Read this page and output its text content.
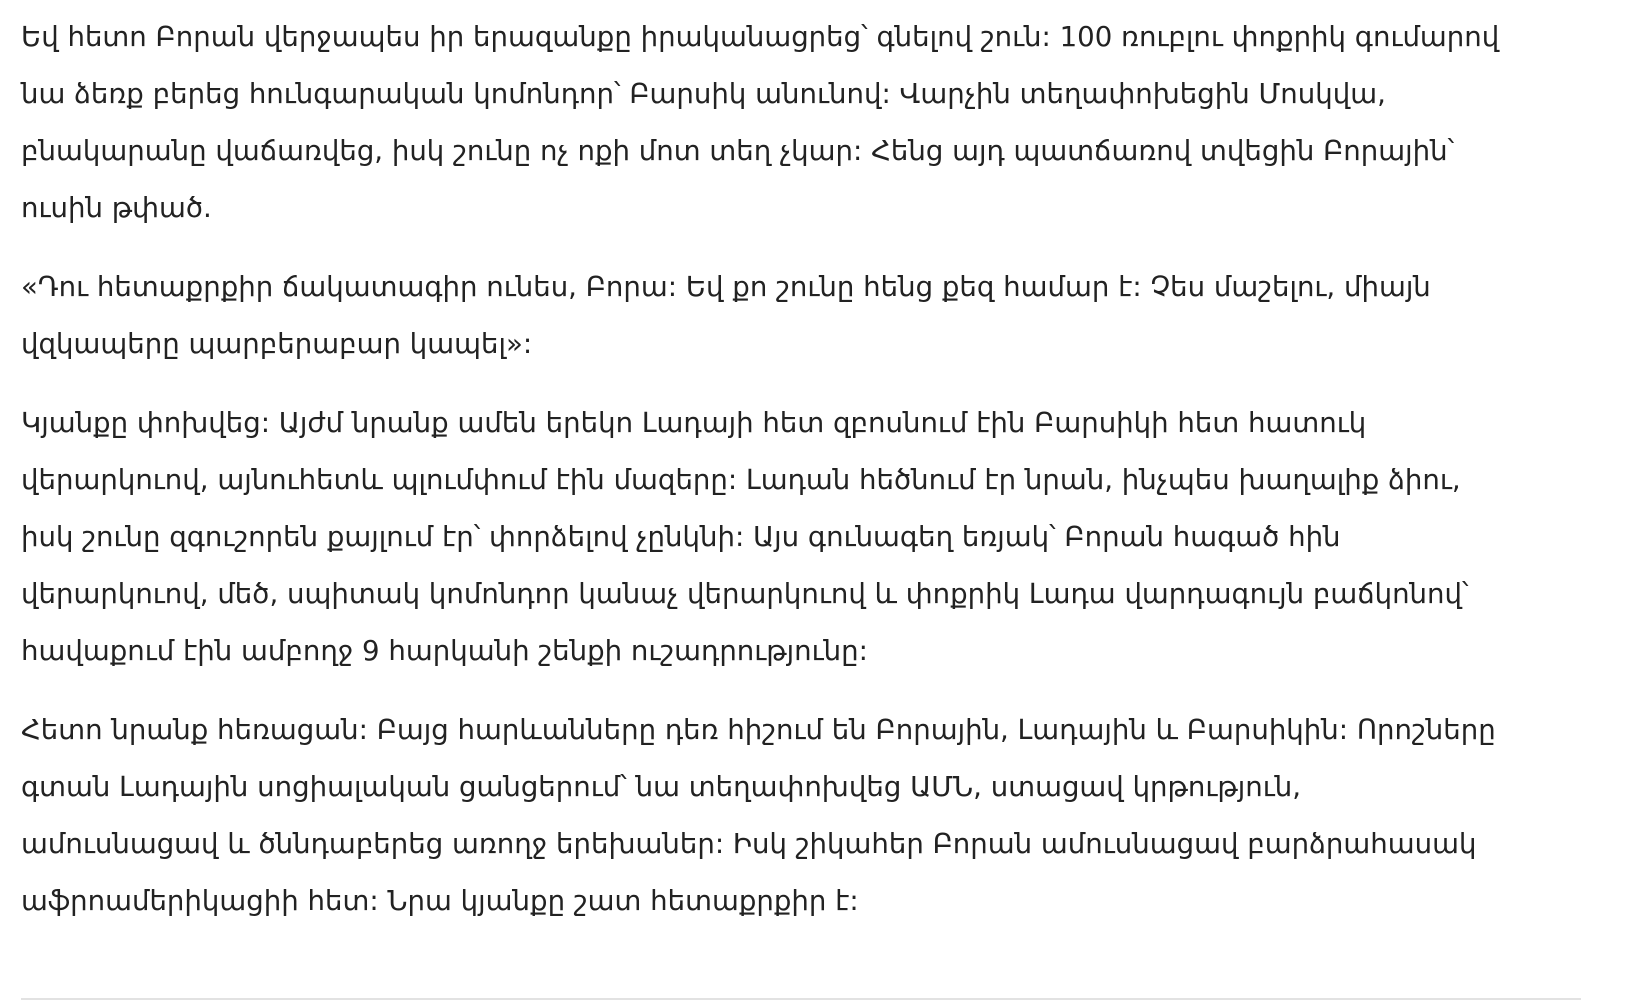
Եվ հետո Բորան վերջապես իր երազանքը իրականացրեց՝ գնելով շուն: 100 ռուբլու փոքրիկ գումարով
նա ձեռք բերեց հունգարական կոմոնդոր՝ Բարսիկ անունով: Վարչին տեղափոխեցին Մոսկվա,
բնակարանը վաճառվեց, իսկ շունը ոչ ոքի մոտ տեղ չկար: Հենց այդ պատճառով տվեցին Բորային՝
ուսին թփած.

«Դու հետաքրքիր ճակատագիր ունես, Բորա: Եվ քո շունը հենց քեզ համար է: Չես մաշելու, միայն
վզկապերը պարբերաբար կապել»:

Կյանքը փոխվեց: Այժմ նրանք ամեն երեկո Լադայի հետ զբոսնում էին Բարսիկի հետ հատուկ
վերարկուով, այնուհետև պլումփում էին մազերը: Լադան հեծնում էր նրան, ինչպես խաղալիք ձիու,
իսկ շունը զգուշորեն քայլում էր՝ փորձելով չընկնի: Այս գունագեղ եռյակ՝ Բորան հագած հին
վերարկուով, մեծ, սպիտակ կոմոնդոր կանաչ վերարկուով և փոքրիկ Լադա վարդագույն բաճկոնով՝
հավաքում էին ամբողջ 9 հարկանի շենքի ուշադրությունը:

Հետո նրանք հեռացան: Բայց հարևանները դեռ հիշում են Բորային, Լադային և Բարսիկին: Որոշները
գտան Լադային սոցիալական ցանցերում՝ նա տեղափոխվեց ԱՄՆ, ստացավ կրթություն,
ամուսնացավ և ծննդաբերեց առողջ երեխաներ: Իսկ շիկահեր Բորան ամուսնացավ բարձրահասակ
աֆրոամերիկացիի հետ: Նրա կյանքը շատ հետաքրքիր է:
